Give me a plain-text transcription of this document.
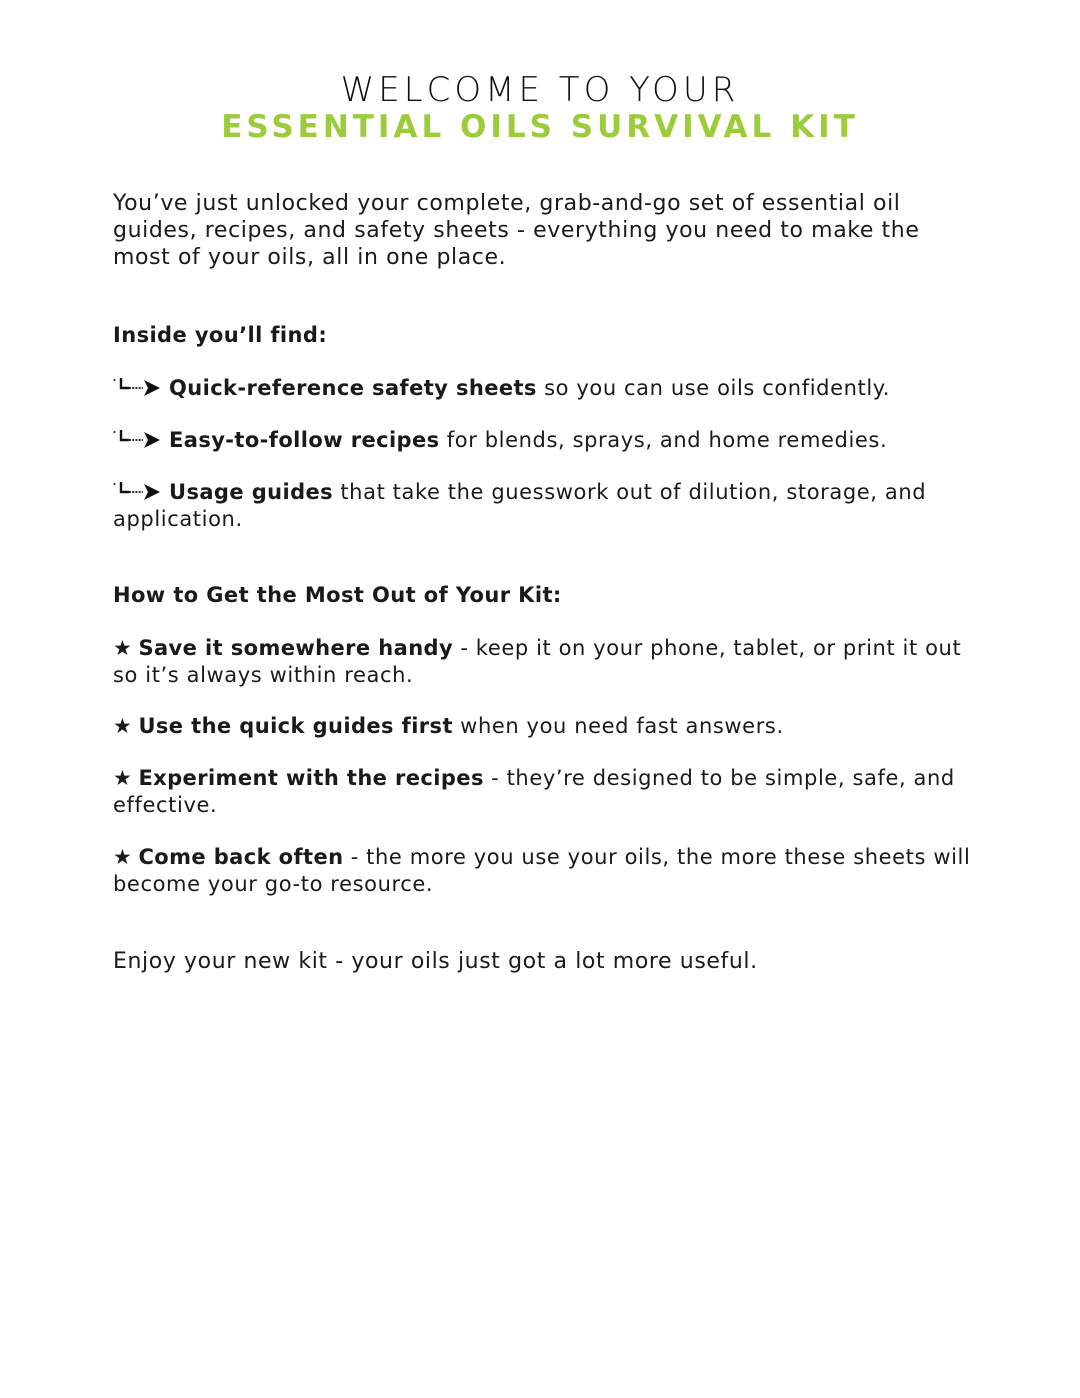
WELCOME TO YOUR
ESSENTIAL OILS SURVIVAL KIT
You’ve just unlocked your complete, grab-and-go set of essential oil guides, recipes, and safety sheets - everything you need to make the most of your oils, all in one place.
Inside you’ll find:
Quick-reference safety sheets so you can use oils confidently.
Easy-to-follow recipes for blends, sprays, and home remedies.
Usage guides that take the guesswork out of dilution, storage, and application.
How to Get the Most Out of Your Kit:
★ Save it somewhere handy - keep it on your phone, tablet, or print it out so it’s always within reach.
★ Use the quick guides first when you need fast answers.
★ Experiment with the recipes - they’re designed to be simple, safe, and effective.
★ Come back often - the more you use your oils, the more these sheets will become your go-to resource.
Enjoy your new kit - your oils just got a lot more useful.
